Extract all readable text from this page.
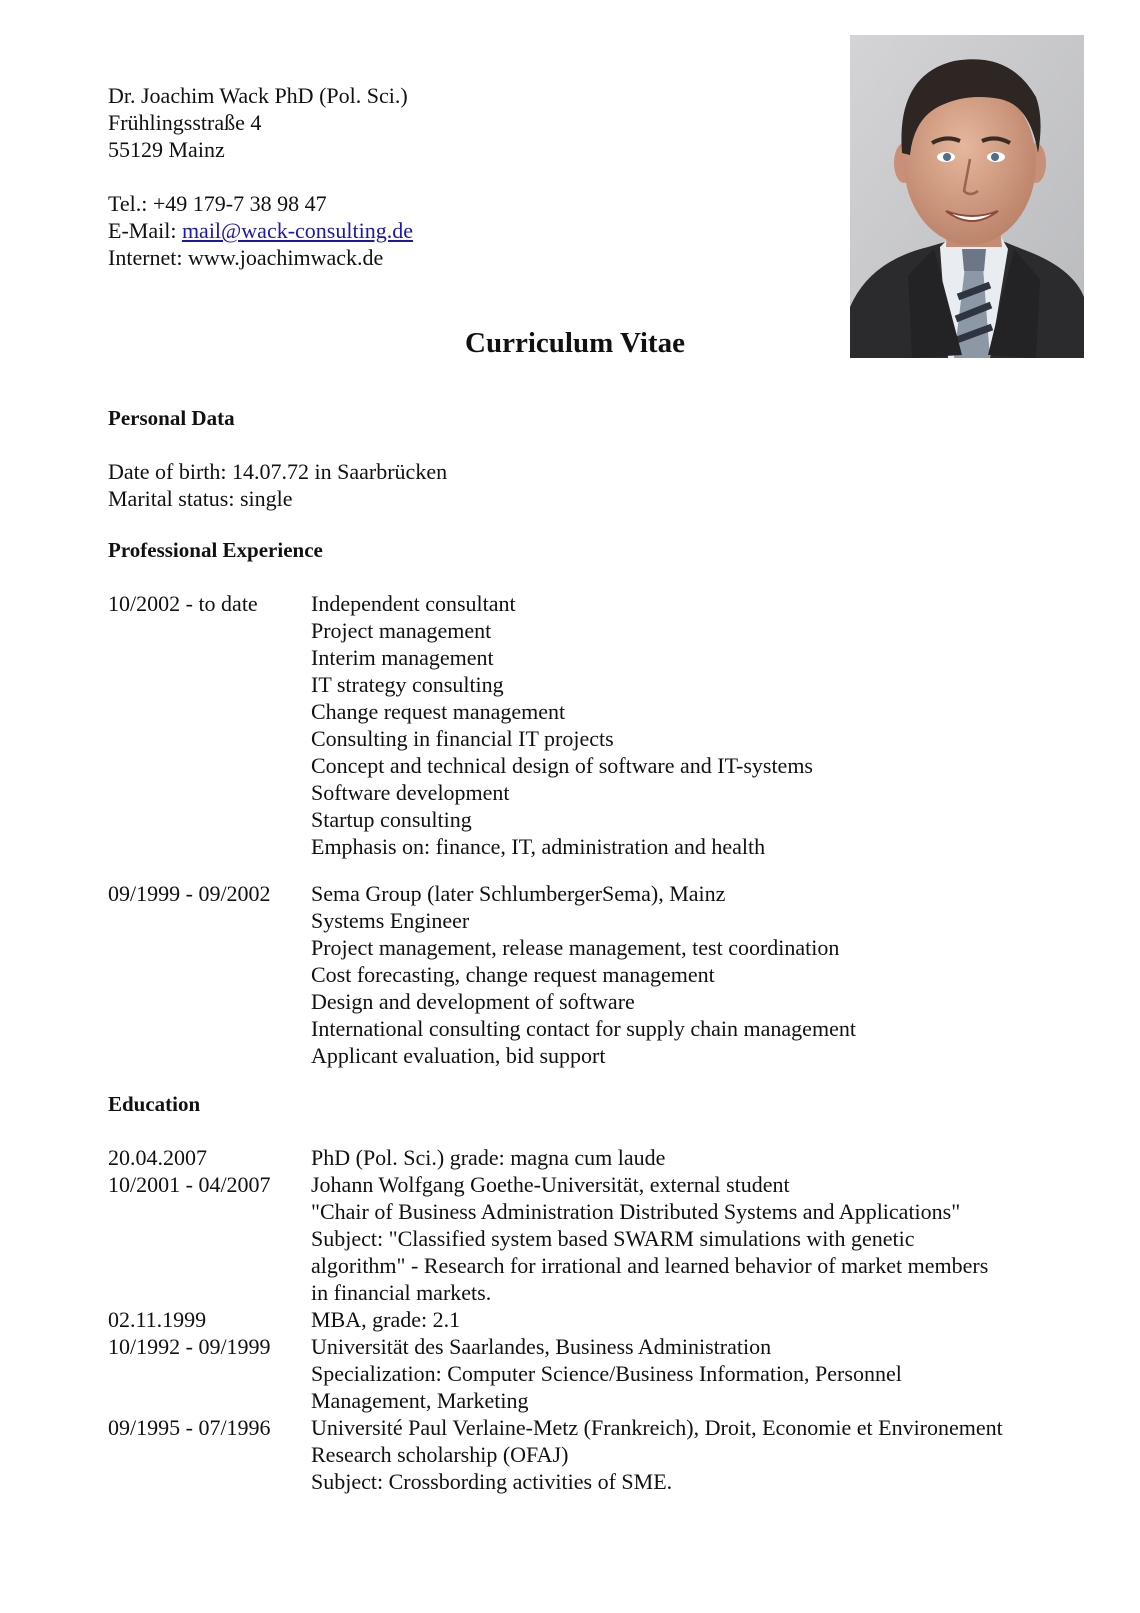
Dr. Joachim Wack PhD (Pol. Sci.)
Frühlingsstraße 4
55129 Mainz
Tel.: +49 179-7 38 98 47
E-Mail: mail@wack-consulting.de
Internet: www.joachimwack.de
Curriculum Vitae
Personal Data
Date of birth: 14.07.72 in Saarbrücken
Marital status: single
Professional Experience
10/2002 - to date	Independent consultant
Project management
Interim management
IT strategy consulting
Change request management
Consulting in financial IT projects
Concept and technical design of software and IT-systems
Software development
Startup consulting
Emphasis on: finance, IT, administration and health
09/1999 - 09/2002	Sema Group (later SchlumbergerSema), Mainz
Systems Engineer
Project management, release management, test coordination
Cost forecasting, change request management
Design and development of software
International consulting contact for supply chain management
Applicant evaluation, bid support
Education
20.04.2007	PhD (Pol. Sci.) grade: magna cum laude
10/2001 - 04/2007	Johann Wolfgang Goethe-Universität, external student
"Chair of Business Administration Distributed Systems and Applications"
Subject: "Classified system based SWARM simulations with genetic
algorithm" - Research for irrational and learned behavior of market members
in financial markets.
02.11.1999	MBA, grade: 2.1
10/1992 - 09/1999	Universität des Saarlandes, Business Administration
Specialization: Computer Science/Business Information, Personnel
Management, Marketing
09/1995 - 07/1996	Université Paul Verlaine-Metz (Frankreich), Droit, Economie et Environement
Research scholarship (OFAJ)
Subject: Crossbording activities of SME.
